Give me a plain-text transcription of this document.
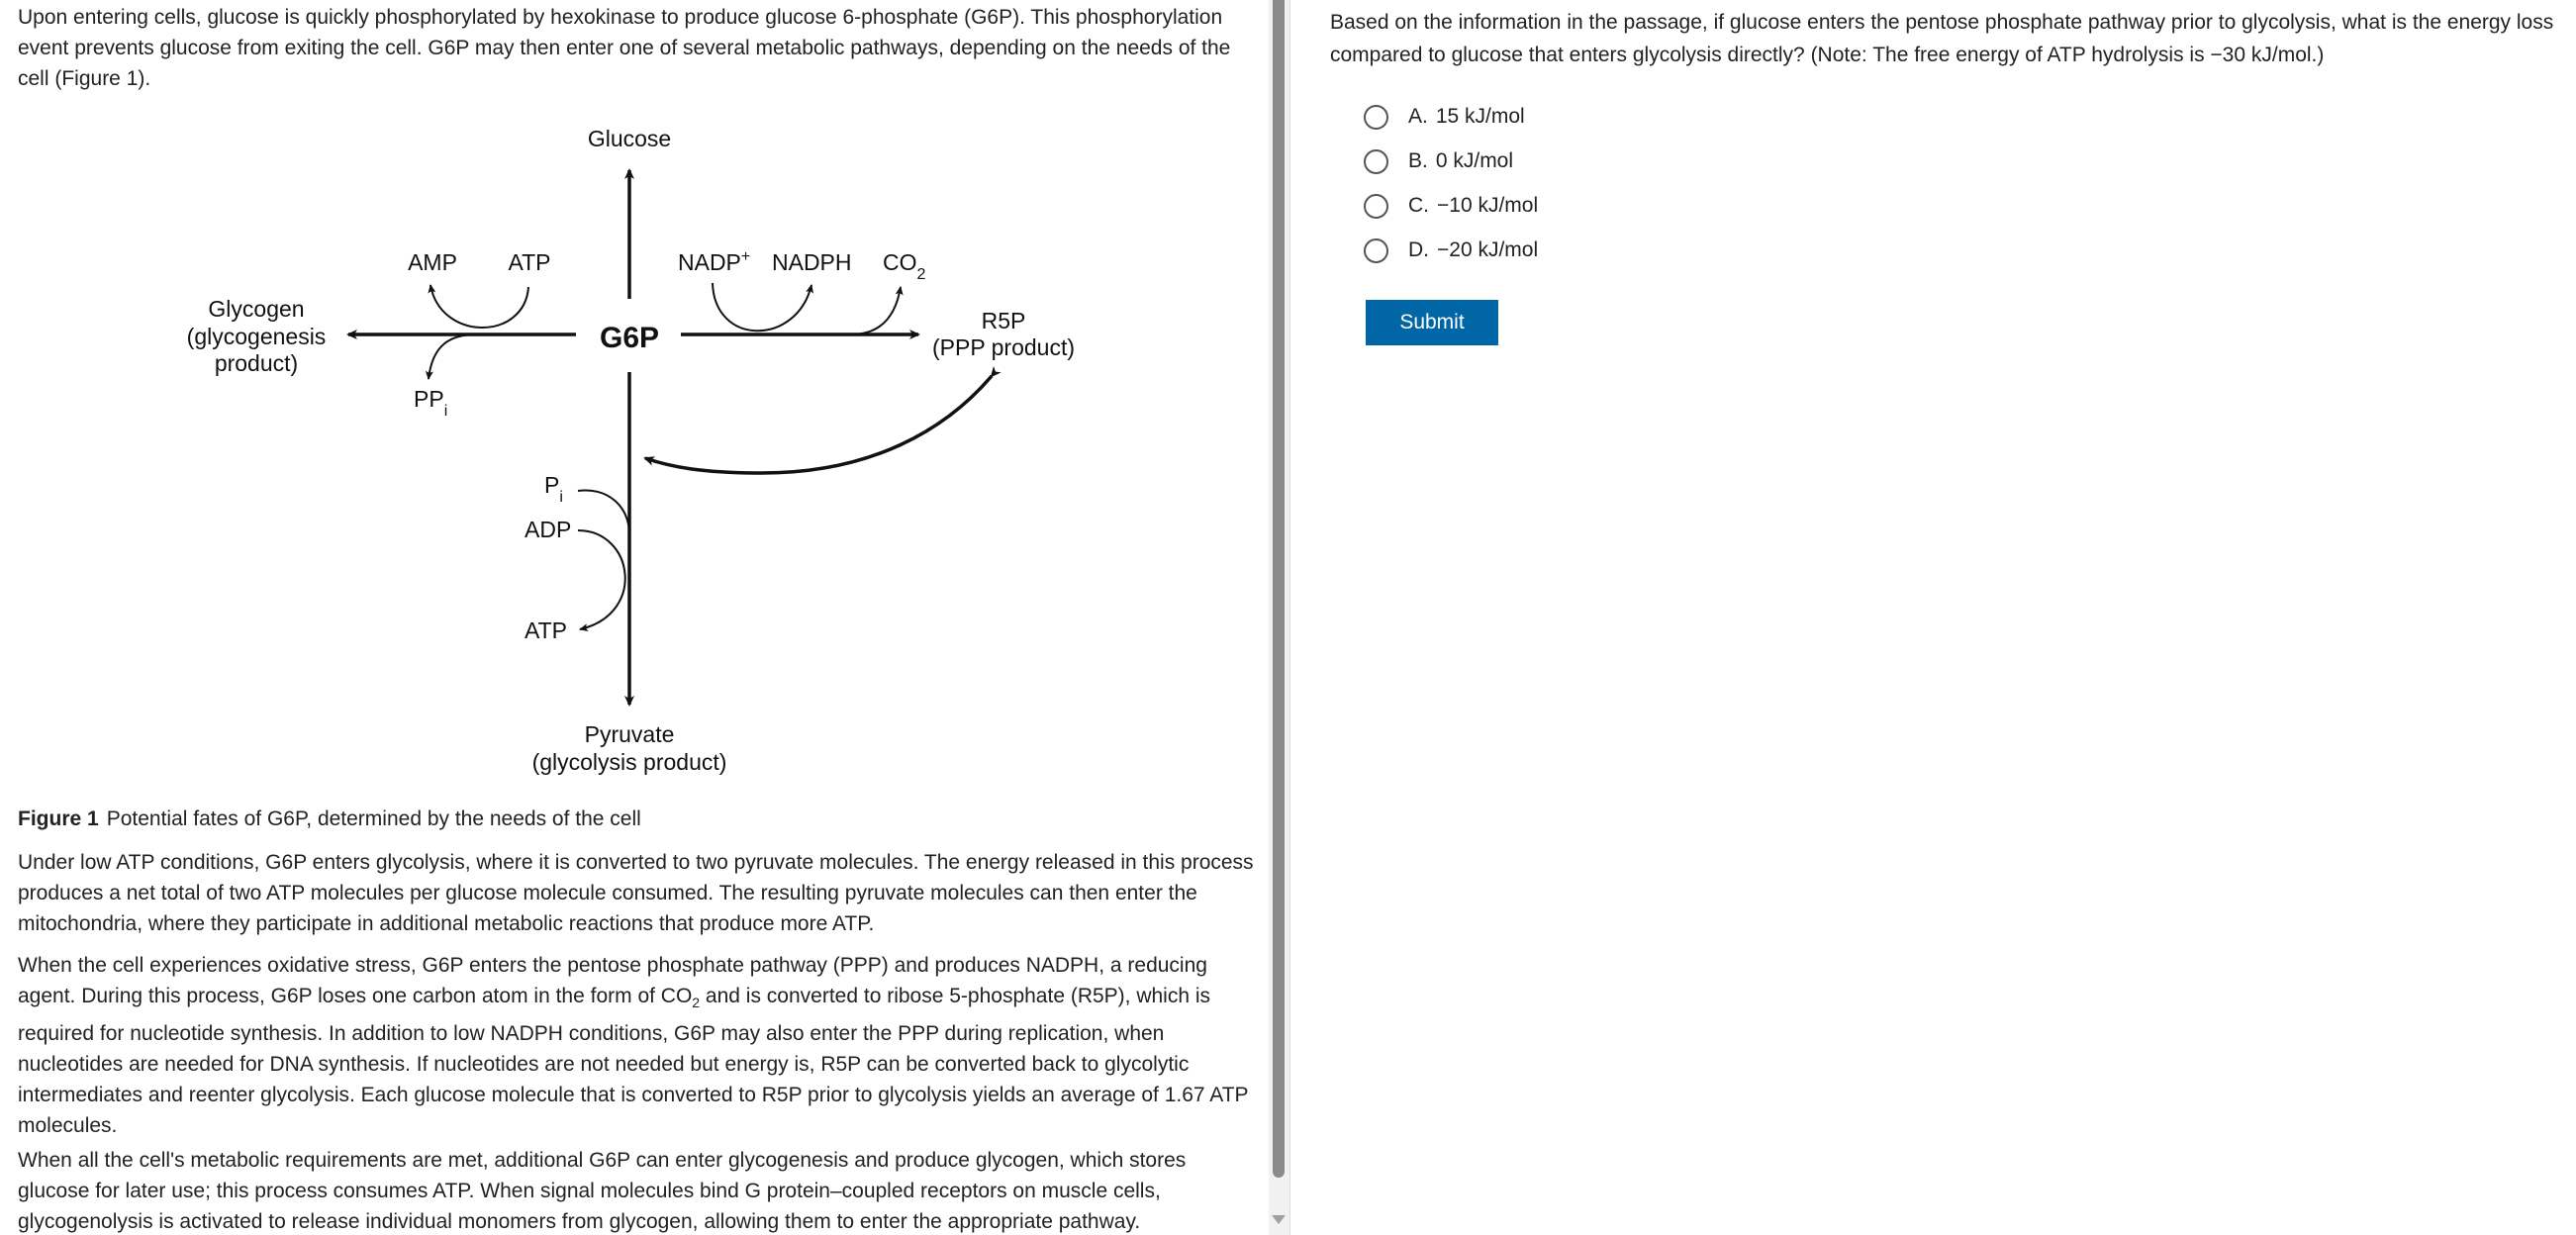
Upon entering cells, glucose is quickly phosphorylated by hexokinase to produce glucose 6-phosphate (G6P). This phosphorylation event prevents glucose from exiting the cell. G6P may then enter one of several metabolic pathways, depending on the needs of the cell (Figure 1).

Glucose
G6P
Glycogen
(glycogenesis
product)
AMP ATP
$PP_i$
NADP+ NADPH $CO_2$
R5P
(PPP product)
$P_i$
ADP
ATP
Pyruvate
(glycolysis product)
Figure 1 Potential fates of G6P, determined by the needs of the cell

Under low ATP conditions, G6P enters glycolysis, where it is converted to two pyruvate molecules. The energy released in this process produces a net total of two ATP molecules per glucose molecule consumed. The resulting pyruvate molecules can then enter the mitochondria, where they participate in additional metabolic reactions that produce more ATP.

When the cell experiences oxidative stress, G6P enters the pentose phosphate pathway (PPP) and produces NADPH, a reducing agent. During this process, G6P loses one carbon atom in the form of $CO_2$ and is converted to ribose 5-phosphate (R5P), which is required for nucleotide synthesis. In addition to low NADPH conditions, G6P may also enter the PPP during replication, when nucleotides are needed for DNA synthesis. If nucleotides are not needed but energy is, R5P can be converted back to glycolytic intermediates and reenter glycolysis. Each glucose molecule that is converted to R5P prior to glycolysis yields an average of 1.67 ATP molecules.

When all the cell's metabolic requirements are met, additional G6P can enter glycogenesis and produce glycogen, which stores glucose for later use; this process consumes ATP. When signal molecules bind G protein–coupled receptors on muscle cells, glycogenolysis is activated to release individual monomers from glycogen, allowing them to enter the appropriate pathway.

Based on the information in the passage, if glucose enters the pentose phosphate pathway prior to glycolysis, what is the energy loss
compared to glucose that enters glycolysis directly? (Note: The free energy of ATP hydrolysis is −30 kJ/mol.)
A. 15 kJ/mol
B. 0 kJ/mol
C. −10 kJ/mol
D. −20 kJ/mol
Submit
